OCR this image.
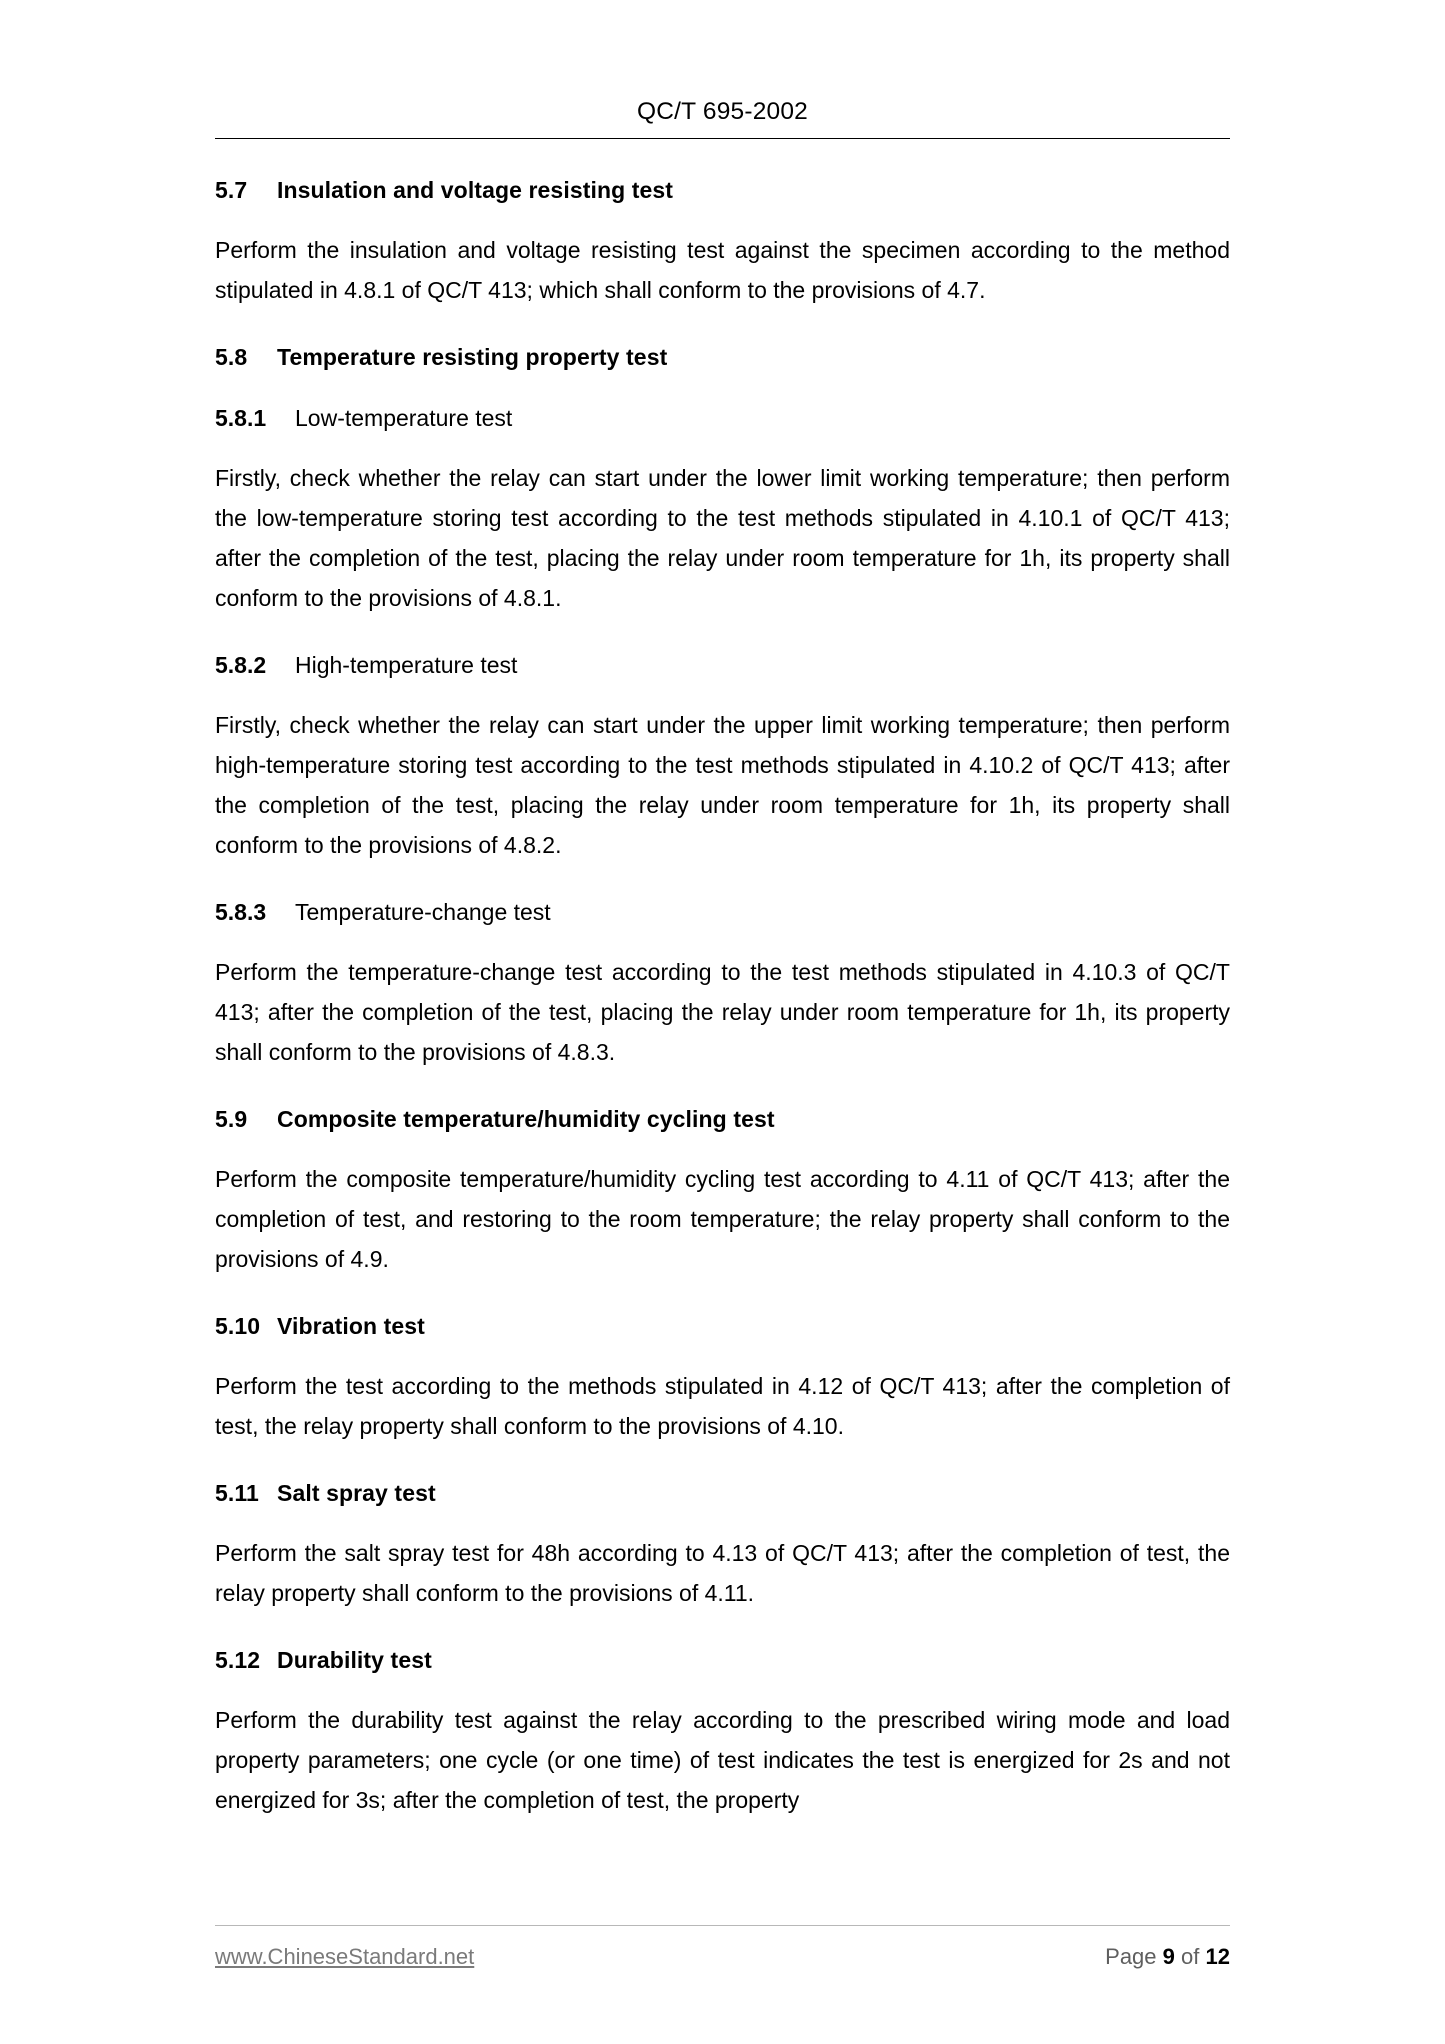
QC/T 695-2002
5.7 Insulation and voltage resisting test

Perform the insulation and voltage resisting test against the specimen according to the method stipulated in 4.8.1 of QC/T 413; which shall conform to the provisions of 4.7.

5.8 Temperature resisting property test
5.8.1 Low-temperature test

Firstly, check whether the relay can start under the lower limit working temperature; then perform the low-temperature storing test according to the test methods stipulated in 4.10.1 of QC/T 413; after the completion of the test, placing the relay under room temperature for 1h, its property shall conform to the provisions of 4.8.1.

5.8.2 High-temperature test

Firstly, check whether the relay can start under the upper limit working temperature; then perform high-temperature storing test according to the test methods stipulated in 4.10.2 of QC/T 413; after the completion of the test, placing the relay under room temperature for 1h, its property shall conform to the provisions of 4.8.2.

5.8.3 Temperature-change test

Perform the temperature-change test according to the test methods stipulated in 4.10.3 of QC/T 413; after the completion of the test, placing the relay under room temperature for 1h, its property shall conform to the provisions of 4.8.3.

5.9 Composite temperature/humidity cycling test

Perform the composite temperature/humidity cycling test according to 4.11 of QC/T 413; after the completion of test, and restoring to the room temperature; the relay property shall conform to the provisions of 4.9.

5.10 Vibration test

Perform the test according to the methods stipulated in 4.12 of QC/T 413; after the completion of test, the relay property shall conform to the provisions of 4.10.

5.11 Salt spray test

Perform the salt spray test for 48h according to 4.13 of QC/T 413; after the completion of test, the relay property shall conform to the provisions of 4.11.

5.12 Durability test

Perform the durability test against the relay according to the prescribed wiring mode and load property parameters; one cycle (or one time) of test indicates the test is energized for 2s and not energized for 3s; after the completion of test, the property

www.ChineseStandard.net	Page 9 of 12
